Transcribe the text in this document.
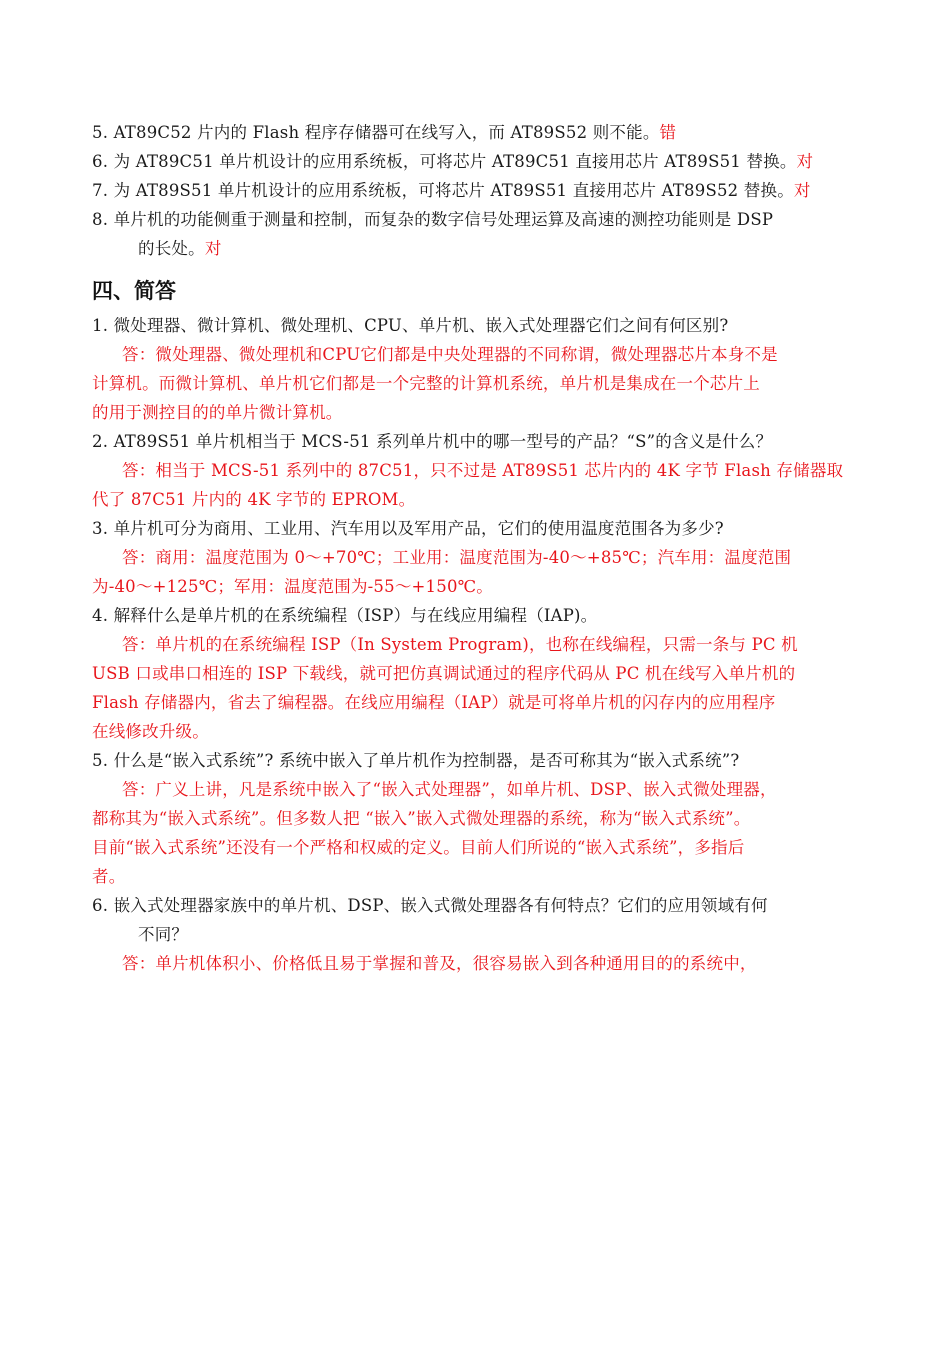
5. AT89C52 片内的 Flash 程序存储器可在线写入，而 AT89S52 则不能。错
6. 为 AT89C51 单片机设计的应用系统板，可将芯片 AT89C51 直接用芯片 AT89S51 替换。对
7. 为 AT89S51 单片机设计的应用系统板，可将芯片 AT89S51 直接用芯片 AT89S52 替换。对
8. 单片机的功能侧重于测量和控制，而复杂的数字信号处理运算及高速的测控功能则是 DSP
的长处。对
四、简答
1. 微处理器、微计算机、微处理机、CPU、单片机、嵌入式处理器它们之间有何区别?
答：微处理器、微处理机和CPU它们都是中央处理器的不同称谓，微处理器芯片本身不是
计算机。而微计算机、单片机它们都是一个完整的计算机系统，单片机是集成在一个芯片上
的用于测控目的的单片微计算机。
2. AT89S51 单片机相当于 MCS-51 系列单片机中的哪一型号的产品？“S”的含义是什么？
答：相当于 MCS-51 系列中的 87C51，只不过是 AT89S51 芯片内的 4K 字节 Flash 存储器取
代了 87C51 片内的 4K 字节的 EPROM。
3. 单片机可分为商用、工业用、汽车用以及军用产品，它们的使用温度范围各为多少?
答：商用：温度范围为 0～+70℃；工业用：温度范围为-40～+85℃；汽车用：温度范围
为-40～+125℃；军用：温度范围为-55～+150℃。
4. 解释什么是单片机的在系统编程（ISP）与在线应用编程（IAP)。
答：单片机的在系统编程 ISP（In System Program)，也称在线编程，只需一条与 PC 机
USB 口或串口相连的 ISP 下载线，就可把仿真调试通过的程序代码从 PC 机在线写入单片机的
Flash 存储器内，省去了编程器。在线应用编程（IAP）就是可将单片机的闪存内的应用程序
在线修改升级。
5. 什么是“嵌入式系统”? 系统中嵌入了单片机作为控制器，是否可称其为“嵌入式系统”?
答：广义上讲，凡是系统中嵌入了“嵌入式处理器”，如单片机、DSP、嵌入式微处理器，
都称其为“嵌入式系统”。但多数人把 “嵌入”嵌入式微处理器的系统，称为“嵌入式系统”。
目前“嵌入式系统”还没有一个严格和权威的定义。目前人们所说的“嵌入式系统”，多指后
者。
6. 嵌入式处理器家族中的单片机、DSP、嵌入式微处理器各有何特点？它们的应用领域有何
不同？
答：单片机体积小、价格低且易于掌握和普及，很容易嵌入到各种通用目的的系统中，
